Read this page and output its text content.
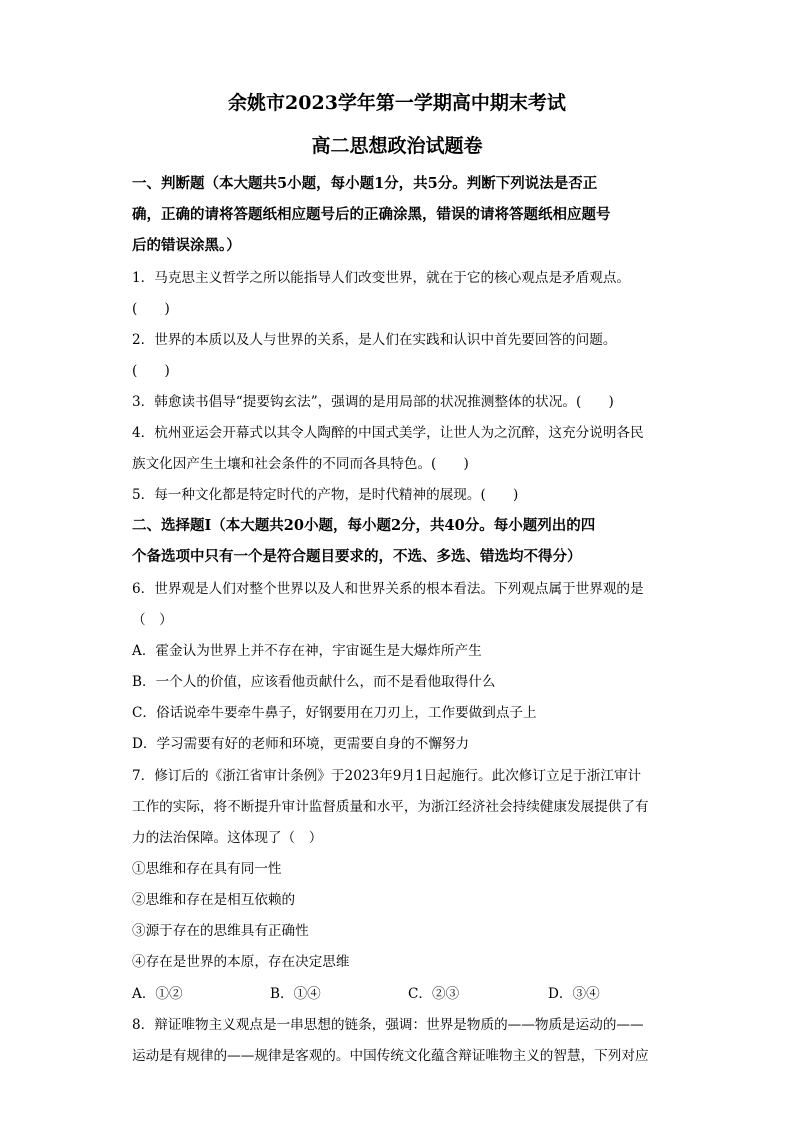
余姚市2023学年第一学期高中期末考试
高二思想政治试题卷
一、判断题（本大题共5小题，每小题1分，共5分。判断下列说法是否正
确，正确的请将答题纸相应题号后的正确涂黑，错误的请将答题纸相应题号
后的错误涂黑。）
1．马克思主义哲学之所以能指导人们改变世界，就在于它的核心观点是矛盾观点。
(　　)
2．世界的本质以及人与世界的关系，是人们在实践和认识中首先要回答的问题。
(　　)
3．韩愈读书倡导“提要钩玄法”，强调的是用局部的状况推测整体的状况。(　　)
4．杭州亚运会开幕式以其令人陶醉的中国式美学，让世人为之沉醉，这充分说明各民
族文化因产生土壤和社会条件的不同而各具特色。(　　)
5．每一种文化都是特定时代的产物，是时代精神的展现。(　　)
二、选择题Ⅰ（本大题共20小题，每小题2分，共40分。每小题列出的四
个备选项中只有一个是符合题目要求的，不选、多选、错选均不得分）
6．世界观是人们对整个世界以及人和世界关系的根本看法。下列观点属于世界观的是
（　）
A．霍金认为世界上并不存在神，宇宙诞生是大爆炸所产生
B．一个人的价值，应该看他贡献什么，而不是看他取得什么
C．俗话说牵牛要牵牛鼻子，好钢要用在刀刃上，工作要做到点子上
D．学习需要有好的老师和环境，更需要自身的不懈努力
7．修订后的《浙江省审计条例》于2023年9月1日起施行。此次修订立足于浙江审计
工作的实际，将不断提升审计监督质量和水平，为浙江经济社会持续健康发展提供了有
力的法治保障。这体现了（　）
①思维和存在具有同一性
②思维和存在是相互依赖的
③源于存在的思维具有正确性
④存在是世界的本原，存在决定思维
A．①②	B．①④	C．②③	D．③④
8．辩证唯物主义观点是一串思想的链条，强调：世界是物质的——物质是运动的——
运动是有规律的——规律是客观的。中国传统文化蕴含辩证唯物主义的智慧，下列对应
